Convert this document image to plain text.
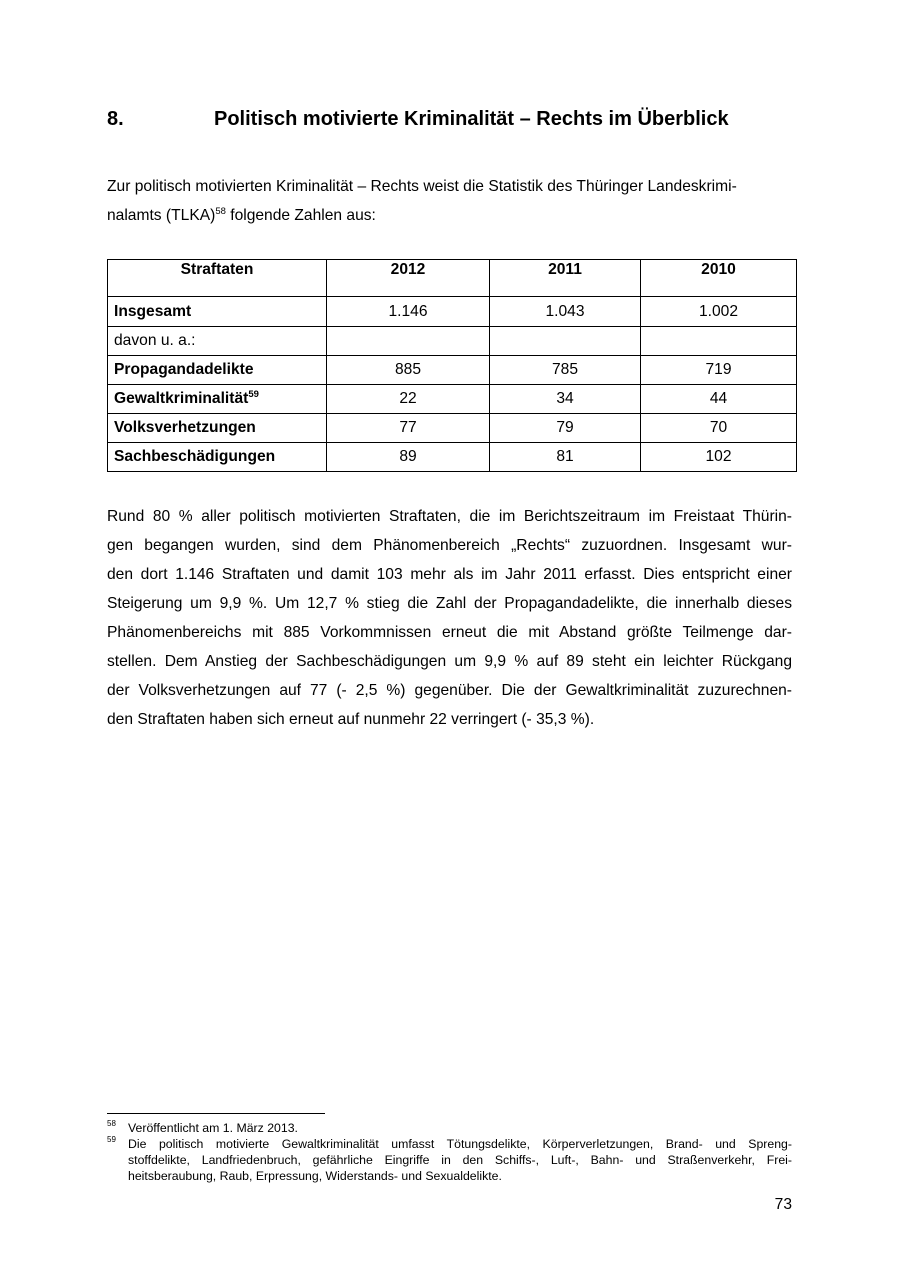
8.	Politisch motivierte Kriminalität – Rechts im Überblick
Zur politisch motivierten Kriminalität – Rechts weist die Statistik des Thüringer Landeskrimi-
nalamts (TLKA)$^{58}$ folgende Zahlen aus:
Straftaten	2012	2011	2010
Insgesamt	1.146	1.043	1.002
davon u. a.:			
Propagandadelikte	885	785	719
Gewaltkriminalität$^{59}$	22	34	44
Volksverhetzungen	77	79	70
Sachbeschädigungen	89	81	102
Rund 80 % aller politisch motivierten Straftaten, die im Berichtszeitraum im Freistaat Thürin-
gen begangen wurden, sind dem Phänomenbereich „Rechts“ zuzuordnen. Insgesamt wur-
den dort 1.146 Straftaten und damit 103 mehr als im Jahr 2011 erfasst. Dies entspricht einer
Steigerung um 9,9 %. Um 12,7 % stieg die Zahl der Propagandadelikte, die innerhalb dieses
Phänomenbereichs mit 885 Vorkommnissen erneut die mit Abstand größte Teilmenge dar-
stellen. Dem Anstieg der Sachbeschädigungen um 9,9 % auf 89 steht ein leichter Rückgang
der Volksverhetzungen auf 77 (- 2,5 %) gegenüber. Die der Gewaltkriminalität zuzurechnen-
den Straftaten haben sich erneut auf nunmehr 22 verringert (- 35,3 %).
58 Veröffentlicht am 1. März 2013.
59 Die politisch motivierte Gewaltkriminalität umfasst Tötungsdelikte, Körperverletzungen, Brand- und Spreng-
stoffdelikte, Landfriedenbruch, gefährliche Eingriffe in den Schiffs-, Luft-, Bahn- und Straßenverkehr, Frei-
heitsberaubung, Raub, Erpressung, Widerstands- und Sexualdelikte.
73
